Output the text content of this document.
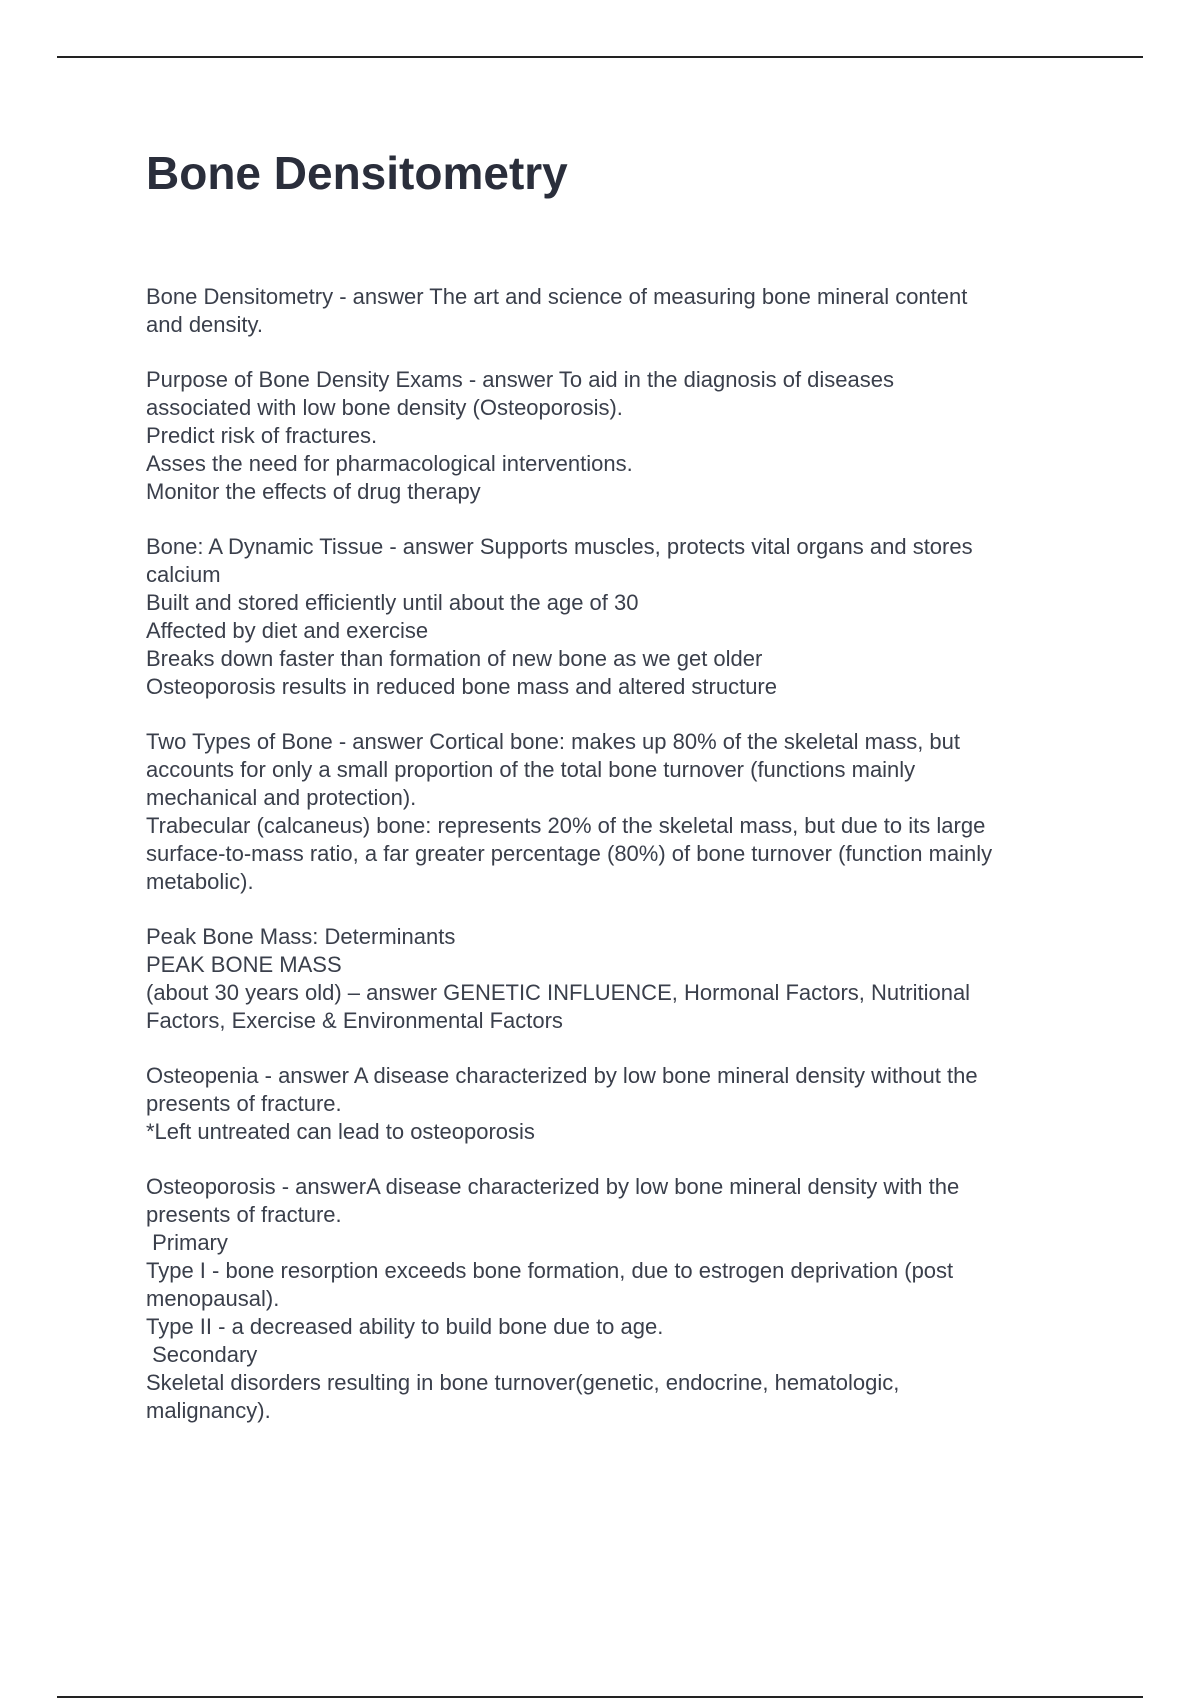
Bone Densitometry
Bone Densitometry - answer The art and science of measuring bone mineral content
and density.
Purpose of Bone Density Exams - answer To aid in the diagnosis of diseases
associated with low bone density (Osteoporosis).
Predict risk of fractures.
Asses the need for pharmacological interventions.
Monitor the effects of drug therapy
Bone: A Dynamic Tissue - answer Supports muscles, protects vital organs and stores
calcium
Built and stored efficiently until about the age of 30
Affected by diet and exercise
Breaks down faster than formation of new bone as we get older
Osteoporosis results in reduced bone mass and altered structure
Two Types of Bone - answer Cortical bone: makes up 80% of the skeletal mass, but
accounts for only a small proportion of the total bone turnover (functions mainly
mechanical and protection).
Trabecular (calcaneus) bone: represents 20% of the skeletal mass, but due to its large
surface-to-mass ratio, a far greater percentage (80%) of bone turnover (function mainly
metabolic).
Peak Bone Mass: Determinants
PEAK BONE MASS
(about 30 years old) – answer GENETIC INFLUENCE, Hormonal Factors, Nutritional
Factors, Exercise & Environmental Factors
Osteopenia - answer A disease characterized by low bone mineral density without the
presents of fracture.
*Left untreated can lead to osteoporosis
Osteoporosis - answerA disease characterized by low bone mineral density with the
presents of fracture.
Primary
Type I - bone resorption exceeds bone formation, due to estrogen deprivation (post
menopausal).
Type II - a decreased ability to build bone due to age.
Secondary
Skeletal disorders resulting in bone turnover(genetic, endocrine, hematologic,
malignancy).
